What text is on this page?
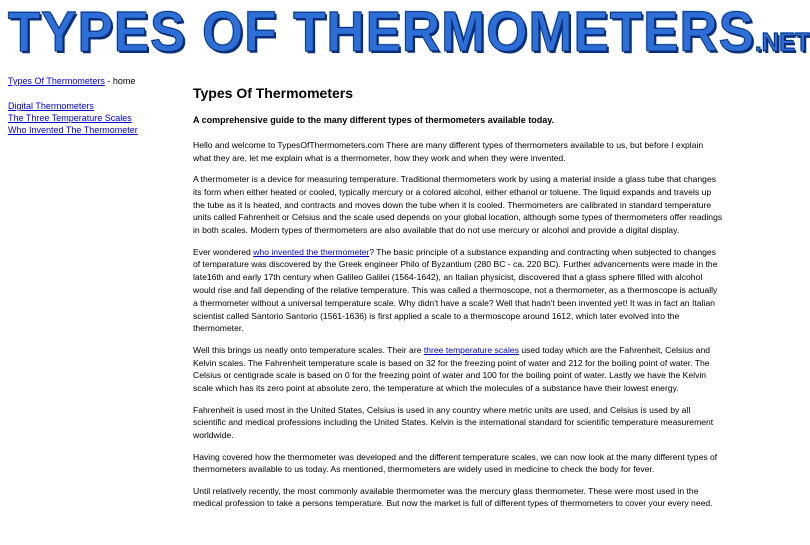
TYPES OF THERMOMETERS.NET
Types Of Thermometers - home
Digital Thermometers
The Three Temperature Scales
Who Invented The Thermometer
Types Of Thermometers

A comprehensive guide to the many different types of thermometers available today.

Hello and welcome to TypesOfThermometers.com There are many different types of thermometers available to us, but before I explain what they are, let me explain what is a thermometer, how they work and when they were invented.

A thermometer is a device for measuring temperature. Traditional thermometers work by using a material inside a glass tube that changes its form when either heated or cooled, typically mercury or a colored alcohol, either ethanol or toluene. The liquid expands and travels up the tube as it is heated, and contracts and moves down the tube when it is cooled. Thermometers are calibrated in standard temperature units called Fahrenheit or Celsius and the scale used depends on your global location, although some types of thermometers offer readings in both scales. Modern types of thermometers are also available that do not use mercury or alcohol and provide a digital display.

Ever wondered who invented the thermometer? The basic principle of a substance expanding and contracting when subjected to changes of temparature was discovered by the Greek engineer Philo of Byzantium (280 BC - ca. 220 BC). Further advancements were made in the late16th and early 17th century when Galileo Galilei (1564-1642), an Italian physicist, discovered that a glass sphere filled with alcohol would rise and fall depending of the relative temperature. This was called a thermoscope, not a thermometer, as a thermoscope is actually a thermometer without a universal temperature scale. Why didn't have a scale? Well that hadn't been invented yet! It was in fact an Italian scientist called Santorio Santorio (1561-1636) is first applied a scale to a thermoscope around 1612, which later evolved into the thermometer.

Well this brings us neatly onto temperature scales. Their are three temperature scales used today which are the Fahrenheit, Celsius and Kelvin scales. The Fahrenheit temperature scale is based on 32 for the freezing point of water and 212 for the boiling point of water. The Celsius or centigrade scale is based on 0 for the freezing point of water and 100 for the boiling point of water. Lastly we have the Kelvin scale which has its zero point at absolute zero, the temperature at which the molecules of a substance have their lowest energy.

Fahrenheit is used most in the United States, Celsius is used in any country where metric units are used, and Celsius is used by all scientific and medical professions including the United States. Kelvin is the international standard for scientific temperature measurement worldwide.

Having covered how the thermometer was developed and the different temperature scales, we can now look at the many different types of thermometers available to us today. As mentioned, thermometers are widely used in medicine to check the body for fever.

Until relatively recently, the most commonly available thermometer was the mercury glass thermometer. These were most used in the medical profession to take a persons temperature. But now the market is full of different types of thermometers to cover your every need.
